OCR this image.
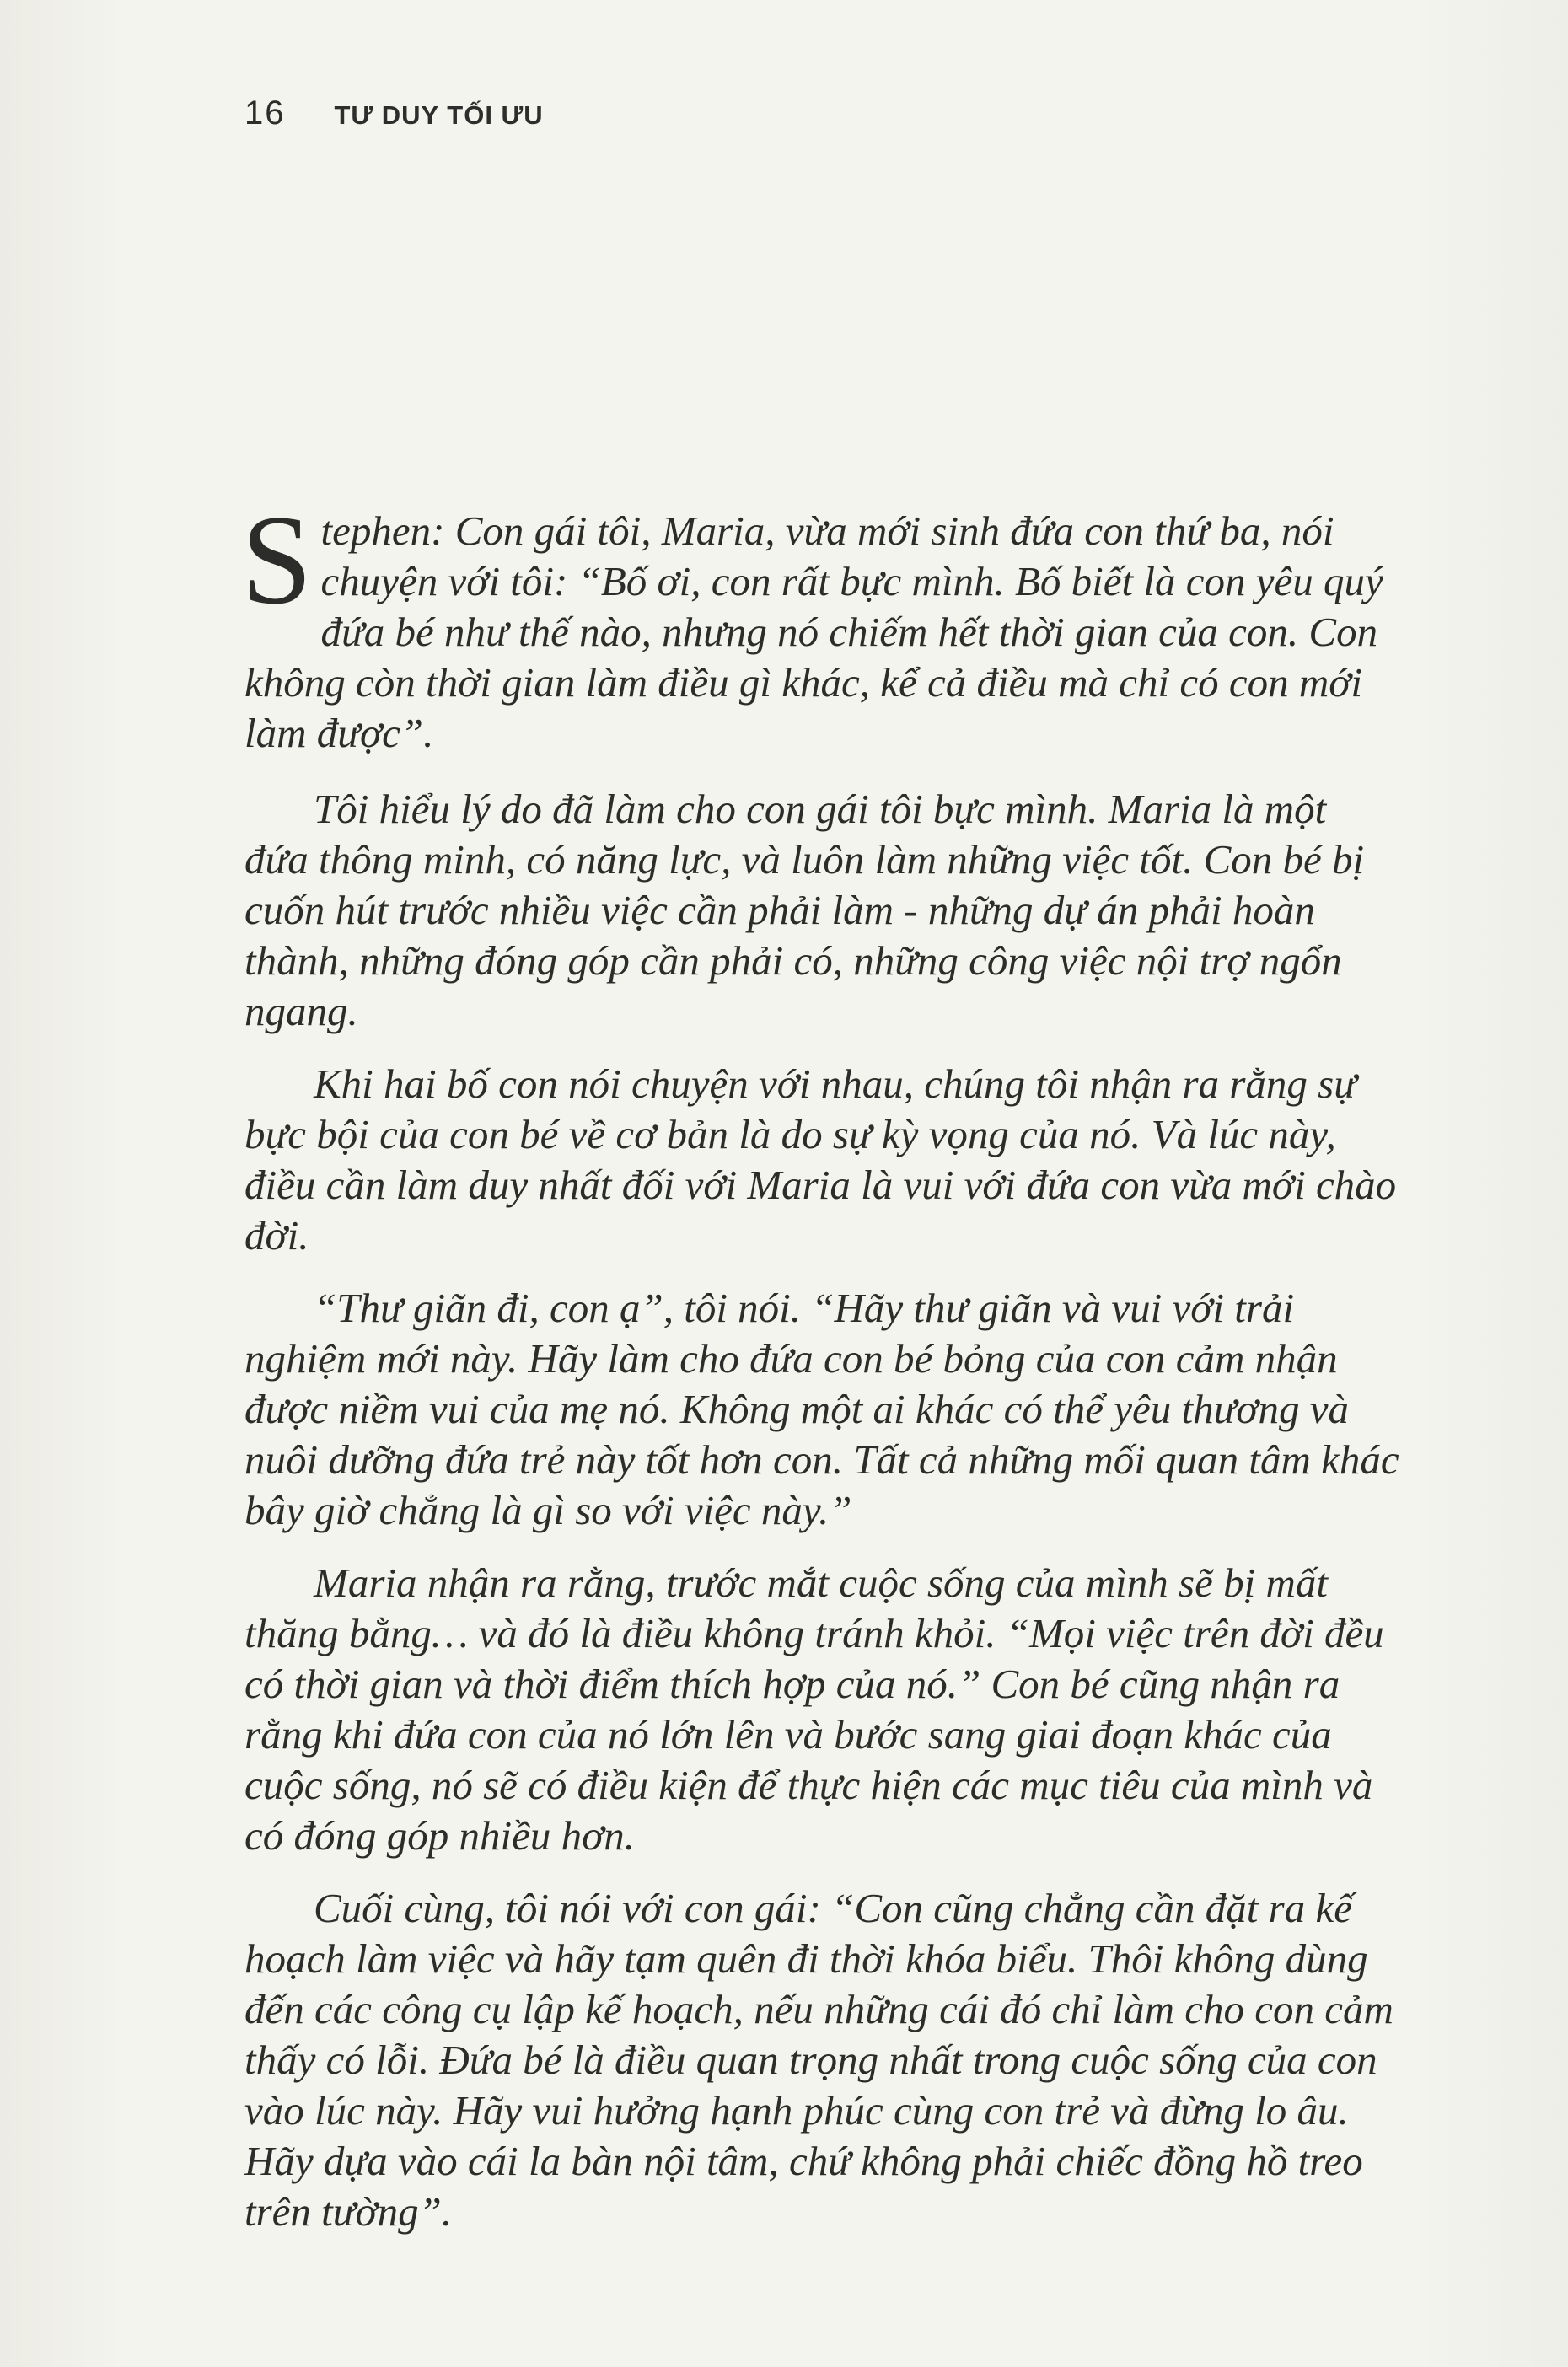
16 TƯ DUY TỐI ƯU

Stephen: Con gái tôi, Maria, vừa mới sinh đứa con thứ ba, nói chuyện với tôi: “Bố ơi, con rất bực mình. Bố biết là con yêu quý đứa bé như thế nào, nhưng nó chiếm hết thời gian của con. Con không còn thời gian làm điều gì khác, kể cả điều mà chỉ có con mới làm được”.

Tôi hiểu lý do đã làm cho con gái tôi bực mình. Maria là một đứa thông minh, có năng lực, và luôn làm những việc tốt. Con bé bị cuốn hút trước nhiều việc cần phải làm - những dự án phải hoàn thành, những đóng góp cần phải có, những công việc nội trợ ngổn ngang.

Khi hai bố con nói chuyện với nhau, chúng tôi nhận ra rằng sự bực bội của con bé về cơ bản là do sự kỳ vọng của nó. Và lúc này, điều cần làm duy nhất đối với Maria là vui với đứa con vừa mới chào đời.

“Thư giãn đi, con ạ”, tôi nói. “Hãy thư giãn và vui với trải nghiệm mới này. Hãy làm cho đứa con bé bỏng của con cảm nhận được niềm vui của mẹ nó. Không một ai khác có thể yêu thương và nuôi dưỡng đứa trẻ này tốt hơn con. Tất cả những mối quan tâm khác bây giờ chẳng là gì so với việc này.”

Maria nhận ra rằng, trước mắt cuộc sống của mình sẽ bị mất thăng bằng… và đó là điều không tránh khỏi. “Mọi việc trên đời đều có thời gian và thời điểm thích hợp của nó.” Con bé cũng nhận ra rằng khi đứa con của nó lớn lên và bước sang giai đoạn khác của cuộc sống, nó sẽ có điều kiện để thực hiện các mục tiêu của mình và có đóng góp nhiều hơn.

Cuối cùng, tôi nói với con gái: “Con cũng chẳng cần đặt ra kế hoạch làm việc và hãy tạm quên đi thời khóa biểu. Thôi không dùng đến các công cụ lập kế hoạch, nếu những cái đó chỉ làm cho con cảm thấy có lỗi. Đứa bé là điều quan trọng nhất trong cuộc sống của con vào lúc này. Hãy vui hưởng hạnh phúc cùng con trẻ và đừng lo âu. Hãy dựa vào cái la bàn nội tâm, chứ không phải chiếc đồng hồ treo trên tường”.
